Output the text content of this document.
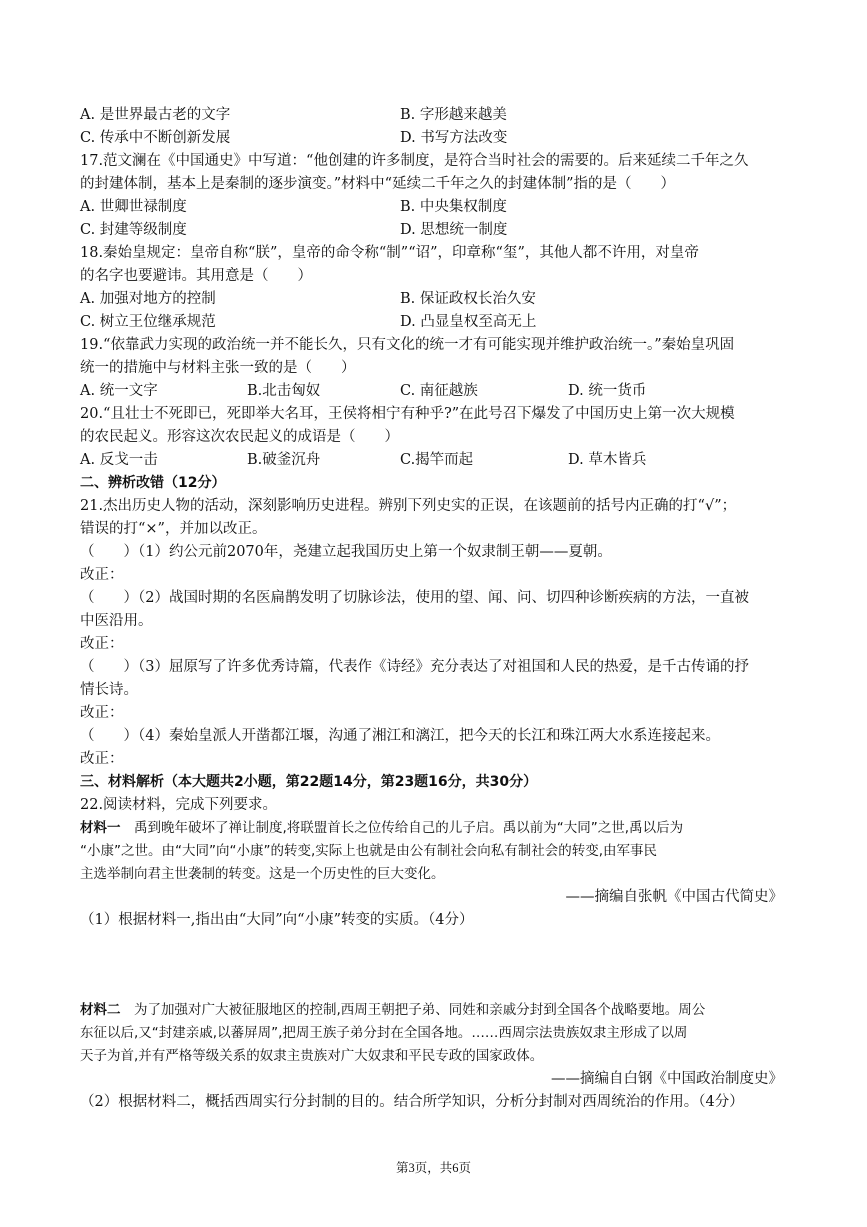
A. 是世界最古老的文字	B. 字形越来越美
C. 传承中不断创新发展	D. 书写方法改变
17.范文澜在《中国通史》中写道：“他创建的许多制度，是符合当时社会的需要的。后来延续二千年之久
的封建体制，基本上是秦制的逐步演变。”材料中“延续二千年之久的封建体制”指的是（　　）
A. 世卿世禄制度	B. 中央集权制度
C. 封建等级制度	D. 思想统一制度
18.秦始皇规定：皇帝自称“朕”，皇帝的命令称“制”“诏”，印章称“玺”，其他人都不许用，对皇帝
的名字也要避讳。其用意是（　　）
A. 加强对地方的控制	B. 保证政权长治久安
C. 树立王位继承规范	D. 凸显皇权至高无上
19.“依靠武力实现的政治统一并不能长久，只有文化的统一才有可能实现并维护政治统一。”秦始皇巩固
统一的措施中与材料主张一致的是（　　）
A. 统一文字	B.北击匈奴	C. 南征越族	D. 统一货币
20.“且壮士不死即已，死即举大名耳，王侯将相宁有种乎?”在此号召下爆发了中国历史上第一次大规模
的农民起义。形容这次农民起义的成语是（　　）
A. 反戈一击	B.破釜沉舟	C.揭竿而起	D. 草木皆兵
二、辨析改错（12分）
21.杰出历史人物的活动，深刻影响历史进程。辨别下列史实的正误，在该题前的括号内正确的打“√”；
错误的打“×”，并加以改正。
（　　）（1）约公元前2070年，尧建立起我国历史上第一个奴隶制王朝——夏朝。
改正：
（　　）（2）战国时期的名医扁鹊发明了切脉诊法，使用的望、闻、问、切四种诊断疾病的方法，一直被
中医沿用。
改正：
（　　）（3）屈原写了许多优秀诗篇，代表作《诗经》充分表达了对祖国和人民的热爱，是千古传诵的抒
情长诗。
改正：
（　　）（4）秦始皇派人开凿都江堰，沟通了湘江和漓江，把今天的长江和珠江两大水系连接起来。
改正：
三、材料解析（本大题共2小题，第22题14分，第23题16分，共30分）
22.阅读材料，完成下列要求。
材料一　禹到晚年破坏了禅让制度,将联盟首长之位传给自己的儿子启。禹以前为“大同”之世,禹以后为
“小康”之世。由“大同”向“小康”的转变,实际上也就是由公有制社会向私有制社会的转变,由军事民
主选举制向君主世袭制的转变。这是一个历史性的巨大变化。
——摘编自张帆《中国古代简史》
（1）根据材料一,指出由“大同”向“小康”转变的实质。（4分）
材料二　为了加强对广大被征服地区的控制,西周王朝把子弟、同姓和亲戚分封到全国各个战略要地。周公
东征以后,又“封建亲戚,以蕃屏周”,把周王族子弟分封在全国各地。……西周宗法贵族奴隶主形成了以周
天子为首,并有严格等级关系的奴隶主贵族对广大奴隶和平民专政的国家政体。
——摘编自白钢《中国政治制度史》
（2）根据材料二，概括西周实行分封制的目的。结合所学知识，分析分封制对西周统治的作用。（4分）
第3页，共6页
